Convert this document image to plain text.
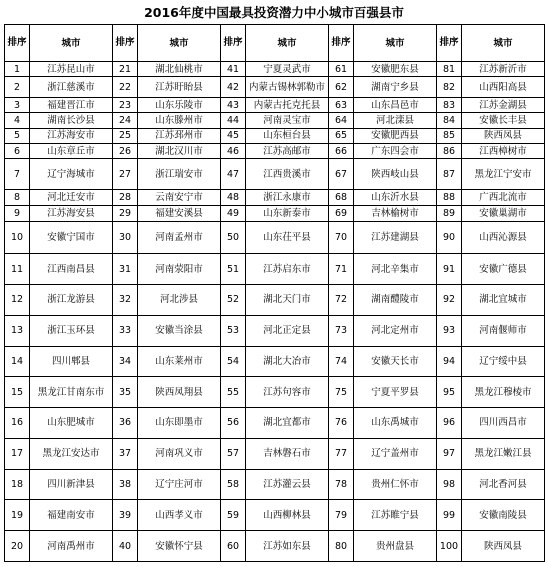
2016年度中国最具投资潜力中小城市百强县市
排序	城市	排序	城市	排序	城市	排序	城市	排序	城市
1	江苏昆山市	21	湖北仙桃市	41	宁夏灵武市	61	安徽肥东县	81	江苏新沂市
2	浙江慈溪市	22	江苏盱眙县	42	内蒙古锡林郭勒市	62	湖南宁乡县	82	山西阳高县
3	福建晋江市	23	山东乐陵市	43	内蒙古托克托县	63	山东昌邑市	83	江苏金湖县
4	湖南长沙县	24	山东滕州市	44	河南灵宝市	64	河北滦县	84	安徽长丰县
5	江苏海安市	25	江苏邳州市	45	山东桓台县	65	安徽肥西县	85	陕西凤县
6	山东章丘市	26	湖北汉川市	46	江苏高邮市	66	广东四会市	86	江西樟树市
7	辽宁海城市	27	浙江瑞安市	47	江西贵溪市	67	陕西岐山县	87	黑龙江宁安市
8	河北迁安市	28	云南安宁市	48	浙江永康市	68	山东沂水县	88	广西北流市
9	江苏海安县	29	福建安溪县	49	山东新泰市	69	吉林榆树市	89	安徽巢湖市
10	安徽宁国市	30	河南孟州市	50	山东茌平县	70	江苏建湖县	90	山西沁源县
11	江西南昌县	31	河南荥阳市	51	江苏启东市	71	河北辛集市	91	安徽广德县
12	浙江龙游县	32	河北涉县	52	湖北天门市	72	湖南醴陵市	92	湖北宜城市
13	浙江玉环县	33	安徽当涂县	53	河北正定县	73	河北定州市	93	河南偃师市
14	四川郫县	34	山东莱州市	54	湖北大冶市	74	安徽天长市	94	辽宁绥中县
15	黑龙江甘南东市	35	陕西凤翔县	55	江苏句容市	75	宁夏平罗县	95	黑龙江穆棱市
16	山东肥城市	36	山东即墨市	56	湖北宜都市	76	山东禹城市	96	四川西昌市
17	黑龙江安达市	37	河南巩义市	57	吉林磐石市	77	辽宁盖州市	97	黑龙江嫩江县
18	四川新津县	38	辽宁庄河市	58	江苏灌云县	78	贵州仁怀市	98	河北香河县
19	福建南安市	39	山西孝义市	59	山西柳林县	79	江苏睢宁县	99	安徽南陵县
20	河南禹州市	40	安徽怀宁县	60	江苏如东县	80	贵州盘县	100	陕西凤县
